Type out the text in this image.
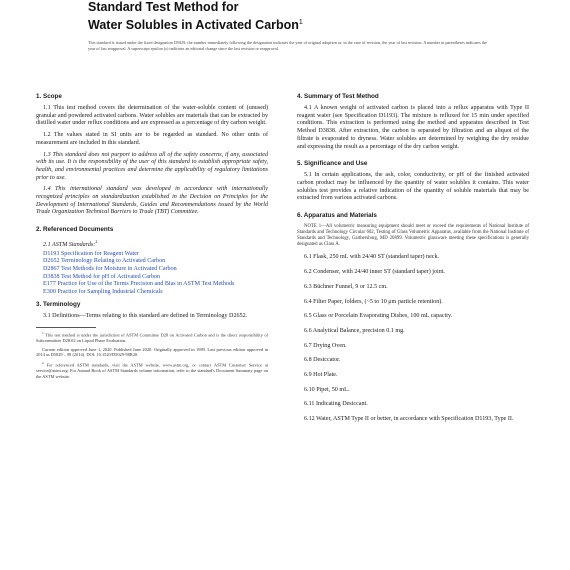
Standard Test Method for
Water Solubles in Activated Carbon$^1$
This standard is issued under the fixed designation D5029; the number immediately following the designation indicates the year of original adoption or, in the case of revision, the year of last revision. A number in parentheses indicates the year of last reapproval. A superscript epsilon (ε) indicates an editorial change since the last revision or reapproval.
1. Scope

1.1 This test method covers the determination of the water-soluble content of (unused) granular and powdered activated carbons. Water solubles are materials that can be extracted by distilled water under reflux conditions and are expressed as a percentage of dry carbon weight.

1.2 The values stated in SI units are to be regarded as standard. No other units of measurement are included in this standard.

1.3 This standard does not purport to address all of the safety concerns, if any, associated with its use. It is the responsibility of the user of this standard to establish appropriate safety, health, and environmental practices and determine the applicability of regulatory limitations prior to use.

1.4 This international standard was developed in accordance with internationally recognized principles on standardization established in the Decision on Principles for the Development of International Standards, Guides and Recommendations issued by the World Trade Organization Technical Barriers to Trade (TBT) Committee.

2. Referenced Documents

2.1 ASTM Standards:$^2$

D1193 Specification for Reagent Water

D2652 Terminology Relating to Activated Carbon

D2867 Test Methods for Moisture in Activated Carbon

D3838 Test Method for pH of Activated Carbon

E177 Practice for Use of the Terms Precision and Bias in ASTM Test Methods

E300 Practice for Sampling Industrial Chemicals

3. Terminology

3.1 Definitions—Terms relating to this standard are defined in Terminology D2652.

$^1$ This test method is under the jurisdiction of ASTM Committee D28 on Activated Carbon and is the direct responsibility of Subcommittee D28.02 on Liquid Phase Evaluation.

Current edition approved June 1, 2020. Published June 2020. Originally approved in 1989. Last previous edition approved in 2014 as D5029 – 98 (2014). DOI: 10.1520/D5029-98R20.

$^2$ For referenced ASTM standards, visit the ASTM website, www.astm.org, or contact ASTM Customer Service at service@astm.org. For Annual Book of ASTM Standards volume information, refer to the standard's Document Summary page on the ASTM website.

4. Summary of Test Method

4.1 A known weight of activated carbon is placed into a reflux apparatus with Type II reagent water (see Specification D1193). The mixture is refluxed for 15 min under specified conditions. This extraction is performed using the method and apparatus described in Test Method D3838. After extraction, the carbon is separated by filtration and an aliquot of the filtrate is evaporated to dryness. Water solubles are determined by weighing the dry residue and expressing the result as a percentage of the dry carbon weight.

5. Significance and Use

5.1 In certain applications, the ash, color, conductivity, or pH of the finished activated carbon product may be influenced by the quantity of water solubles it contains. This water solubles test provides a relative indication of the quantity of soluble materials that may be extracted from various activated carbons.

6. Apparatus and Materials

NOTE 1—All volumetric measuring equipment should meet or exceed the requirements of National Institute of Standards and Technology Circular 602, Testing of Glass Volumetric Apparatus, available from the National Institute of Standards and Technology, Gaithersburg, MD 20899. Volumetric glassware meeting these specifications is generally designated as Class A.

6.1 Flask, 250 mL with 24/40 ST (standard taper) neck.

6.2 Condenser, with 24/40 inner ST (standard taper) joint.

6.3 Büchner Funnel, 9 or 12.5 cm.

6.4 Filter Paper, folders, (~5 to 10 μm particle retention).

6.5 Glass or Porcelain Evaporating Dishes, 100 mL capacity.

6.6 Analytical Balance, precision 0.1 mg.

6.7 Drying Oven.

6.8 Desiccator.

6.9 Hot Plate.

6.10 Pipet, 50 mL.

6.11 Indicating Desiccant.

6.12 Water, ASTM Type II or better, in accordance with Specification D1193, Type II.
